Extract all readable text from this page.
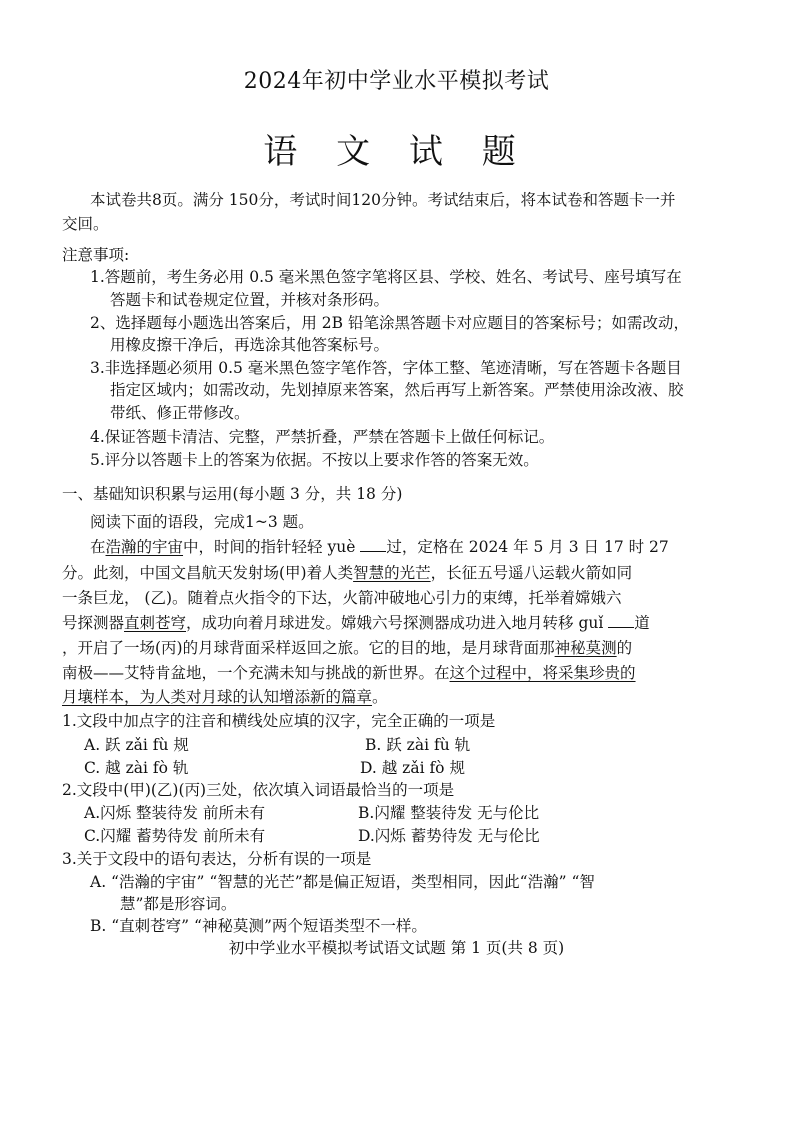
2024年初中学业水平模拟考试
语 文 试 题
本试卷共8页。满分 150分，考试时间120分钟。考试结束后，将本试卷和答题卡一并
交回。
注意事项:
1.答题前，考生务必用 0.5 毫米黑色签字笔将区县、学校、姓名、考试号、座号填写在
答题卡和试卷规定位置，并核对条形码。
2、选择题每小题选出答案后，用 2B 铅笔涂黑答题卡对应题目的答案标号；如需改动，
用橡皮擦干净后，再选涂其他答案标号。
3.非选择题必须用 0.5 毫米黑色签字笔作答，字体工整、笔迹清晰，写在答题卡各题目
指定区域内；如需改动，先划掉原来答案，然后再写上新答案。严禁使用涂改液、胶
带纸、修正带修改。
4.保证答题卡清洁、完整，严禁折叠，严禁在答题卡上做任何标记。
5.评分以答题卡上的答案为依据。不按以上要求作答的答案无效。
一、基础知识积累与运用(每小题 3 分，共 18 分)
阅读下面的语段，完成1~3 题。
在浩瀚的宇宙中，时间的指针轻轻 yuè 过，定格在 2024 年 5 月 3 日 17 时 27
分。此刻，中国文昌航天发射场(甲)着人类智慧的光芒，长征五号遥八运载火箭如同
一条巨龙， (乙)。随着点火指令的下达，火箭冲破地心引力的束缚，托举着嫦娥六
号探测器直刺苍穹，成功向着月球进发。嫦娥六号探测器成功进入地月转移 guǐ 道
，开启了一场(丙)的月球背面采样返回之旅。它的目的地，是月球背面那神秘莫测的
南极——艾特肯盆地，一个充满未知与挑战的新世界。在这个过程中，将采集珍贵的
月壤样本，为人类对月球的认知增添新的篇章。
1.文段中加点字的注音和横线处应填的汉字，完全正确的一项是
A. 跃 zǎi fù 规	B. 跃 zài fù 轨
C. 越 zài fò 轨	D. 越 zǎi fò 规
2.文段中(甲)(乙)(丙)三处，依次填入词语最恰当的一项是
A.闪烁 整装待发 前所未有	B.闪耀 整装待发 无与伦比
C.闪耀 蓄势待发 前所未有	D.闪烁 蓄势待发 无与伦比
3.关于文段中的语句表达，分析有误的一项是
A. “浩瀚的宇宙” “智慧的光芒”都是偏正短语，类型相同，因此“浩瀚” “智
慧”都是形容词。
B. “直刺苍穹” “神秘莫测”两个短语类型不一样。
初中学业水平模拟考试语文试题 第 1 页(共 8 页)
